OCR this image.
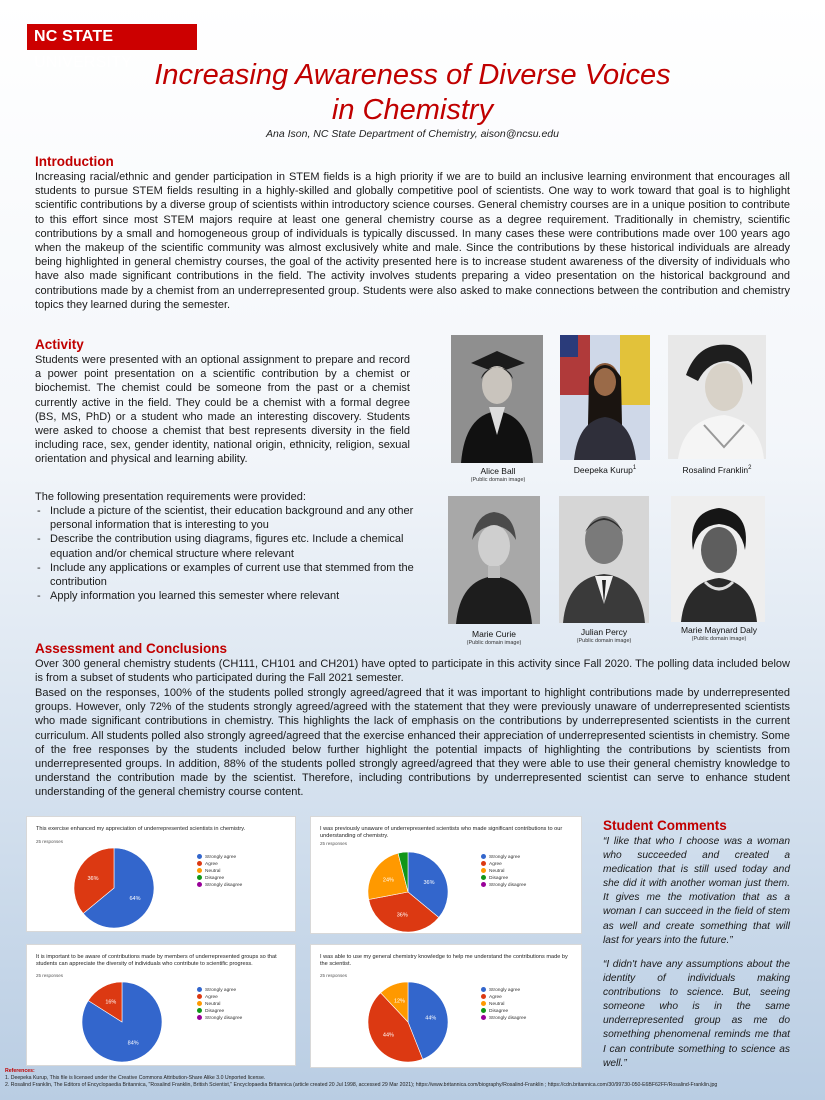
NC STATE UNIVERSITY Increasing Awareness of Diverse Voices
in Chemistry
Ana Ison, NC State Department of Chemistry, aison@ncsu.edu
Introduction

Increasing racial/ethnic and gender participation in STEM fields is a high priority if we are to build an inclusive learning environment that encourages all students to pursue STEM fields resulting in a highly-skilled and globally competitive pool of scientists. One way to work toward that goal is to highlight scientific contributions by a diverse group of scientists within introductory science courses. General chemistry courses are in a unique position to contribute to this effort since most STEM majors require at least one general chemistry course as a degree requirement. Traditionally in chemistry, scientific contributions by a small and homogeneous group of individuals is typically discussed. In many cases these were contributions made over 100 years ago when the makeup of the scientific community was almost exclusively white and male. Since the contributions by these historical individuals are already being highlighted in general chemistry courses, the goal of the activity presented here is to increase student awareness of the diversity of individuals who have also made significant contributions in the field. The activity involves students preparing a video presentation on the historical background and contributions made by a chemist from an underrepresented group. Students were also asked to make connections between the contribution and chemistry topics they learned during the semester.

Activity

Students were presented with an optional assignment to prepare and record a power point presentation on a scientific contribution by a chemist or biochemist. The chemist could be someone from the past or a chemist currently active in the field. They could be a chemist with a formal degree (BS, MS, PhD) or a student who made an interesting discovery. Students were asked to choose a chemist that best represents diversity in the field including race, sex, gender identity, national origin, ethnicity, religion, sexual orientation and physical and learning ability.

The following presentation requirements were provided:

- Include a picture of the scientist, their education background and any other personal information that is interesting to you
- Describe the contribution using diagrams, figures etc. Include a chemical equation and/or chemical structure where relevant
- Include any applications or examples of current use that stemmed from the contribution
- Apply information you learned this semester where relevant
Alice Ball
(Public domain image)
Deepeka Kurup$^1$	Rosalind Franklin$^2$
Marie Curie
(Public domain image)
Julian Percy
(Public domain image)
Marie Maynard Daly
(Public domain image)
Assessment and Conclusions

Over 300 general chemistry students (CH111, CH101 and CH201) have opted to participate in this activity since Fall 2020. The polling data included below is from a subset of students who participated during the Fall 2021 semester.

Based on the responses, 100% of the students polled strongly agreed/agreed that it was important to highlight contributions made by underrepresented groups. However, only 72% of the students strongly agreed/agreed with the statement that they were previously unaware of underrepresented scientists who made significant contributions in chemistry. This highlights the lack of emphasis on the contributions by underrepresented scientists in the current curriculum. All students polled also strongly agreed/agreed that the exercise enhanced their appreciation of underrepresented scientists in chemistry. Some of the free responses by the students included below further highlight the potential impacts of highlighting the contributions by scientists from underrepresented groups. In addition, 88% of the students polled strongly agreed/agreed that they were able to use their general chemistry knowledge to understand the contribution made by the scientist. Therefore, including contributions by underrepresented scientist can serve to enhance student understanding of the general chemistry course content.

This exercise enhanced my appreciation of underrepresented scientists in chemistry.
25 responses
64%
36%
Strongly agree
Agree
Neutral
Disagree
Strongly disagree
I was previously unaware of underrepresented scientists who made significant contributions to our understanding of chemistry.
25 responses
36%
36%
24%
Strongly agree
Agree
Neutral
Disagree
Strongly disagree
It is important to be aware of contributions made by members of underrepresented groups so that students can appreciate the diversity of individuals who contribute to scientific progress.
25 responses
84%
16%
Strongly agree
Agree
Neutral
Disagree
Strongly disagree
I was able to use my general chemistry knowledge to help me understand the contributions made by the scientist.
25 responses
44%
44%
12%
Strongly agree
Agree
Neutral
Disagree
Strongly disagree
Student Comments

“I like that who I choose was a woman who succeeded and created a medication that is still used today and she did it with another woman just them. It gives me the motivation that as a woman I can succeed in the field of stem as well and create something that will last for years into the future.”

“I didn't have any assumptions about the identity of individuals making contributions to science. But, seeing someone who is in the same underrepresented group as me do something phenomenal reminds me that I can contribute something to science as well.”

References:
1. Deepeka Kurup, This file is licensed under the Creative Commons Attribution-Share Alike 3.0 Unported license.
2. Rosalind Franklin, The Editors of Encyclopaedia Britannica, "Rosalind Franklin, British Scientist," Encyclopaedia Britannica (article created 20 Jul 1998, accessed 29 Mar 2021); https://www.britannica.com/biography/Rosalind-Franklin ; https://cdn.britannica.com/30/99730-050-E6BF62FF/Rosalind-Franklin.jpg
